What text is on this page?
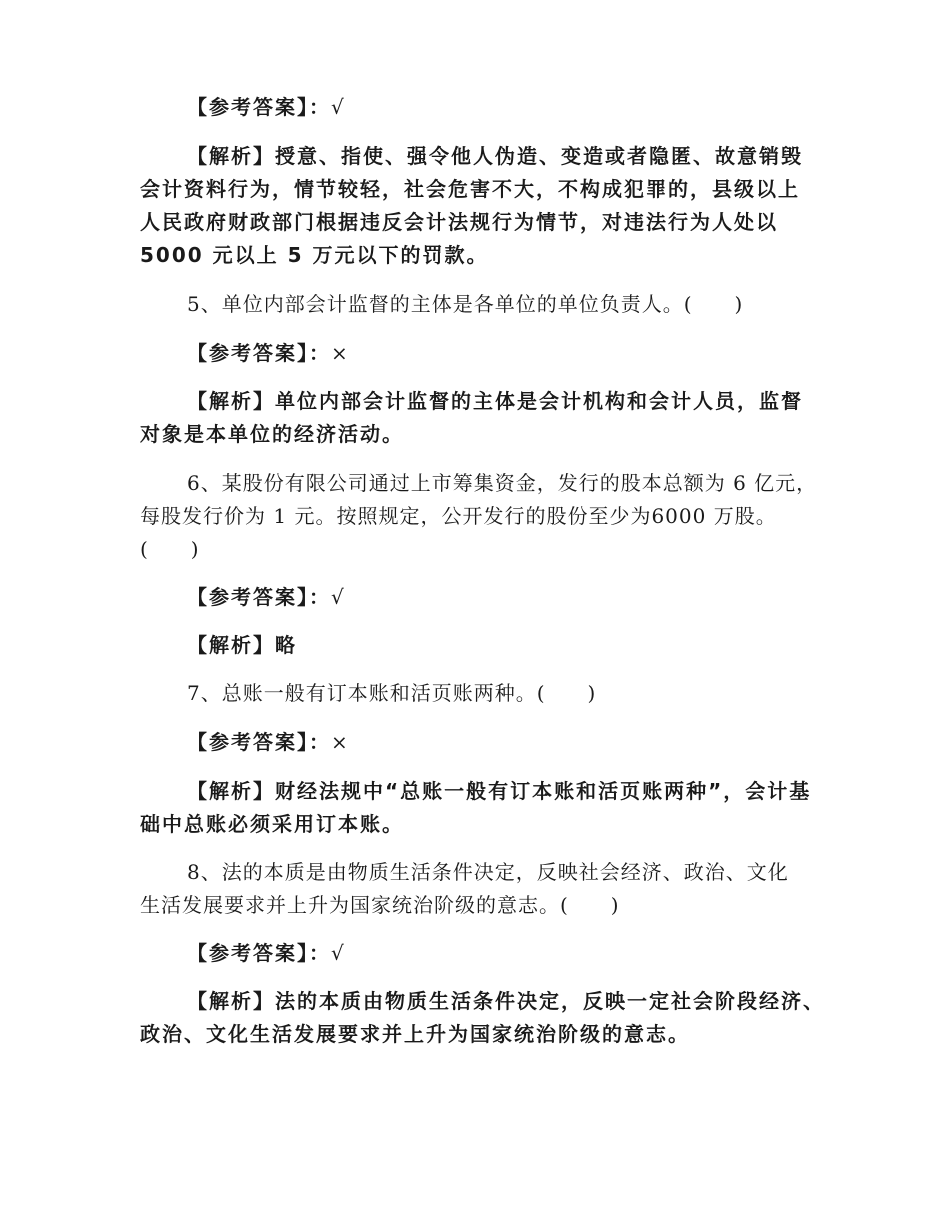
【参考答案】：√
【解析】授意、指使、强令他人伪造、变造或者隐匿、故意销毁
会计资料行为，情节较轻，社会危害不大，不构成犯罪的，县级以上
人民政府财政部门根据违反会计法规行为情节，对违法行为人处以
5000 元以上 5 万元以下的罚款。
5、单位内部会计监督的主体是各单位的单位负责人。(　　)
【参考答案】：×
【解析】单位内部会计监督的主体是会计机构和会计人员，监督
对象是本单位的经济活动。
6、某股份有限公司通过上市筹集资金，发行的股本总额为 6 亿元，
每股发行价为 1 元。按照规定，公开发行的股份至少为6000 万股。
(　　)
【参考答案】：√
【解析】略
7、总账一般有订本账和活页账两种。(　　)
【参考答案】：×
【解析】财经法规中“总账一般有订本账和活页账两种”，会计基
础中总账必须采用订本账。
8、法的本质是由物质生活条件决定，反映社会经济、政治、文化
生活发展要求并上升为国家统治阶级的意志。(　　)
【参考答案】：√
【解析】法的本质由物质生活条件决定，反映一定社会阶段经济、
政治、文化生活发展要求并上升为国家统治阶级的意志。
